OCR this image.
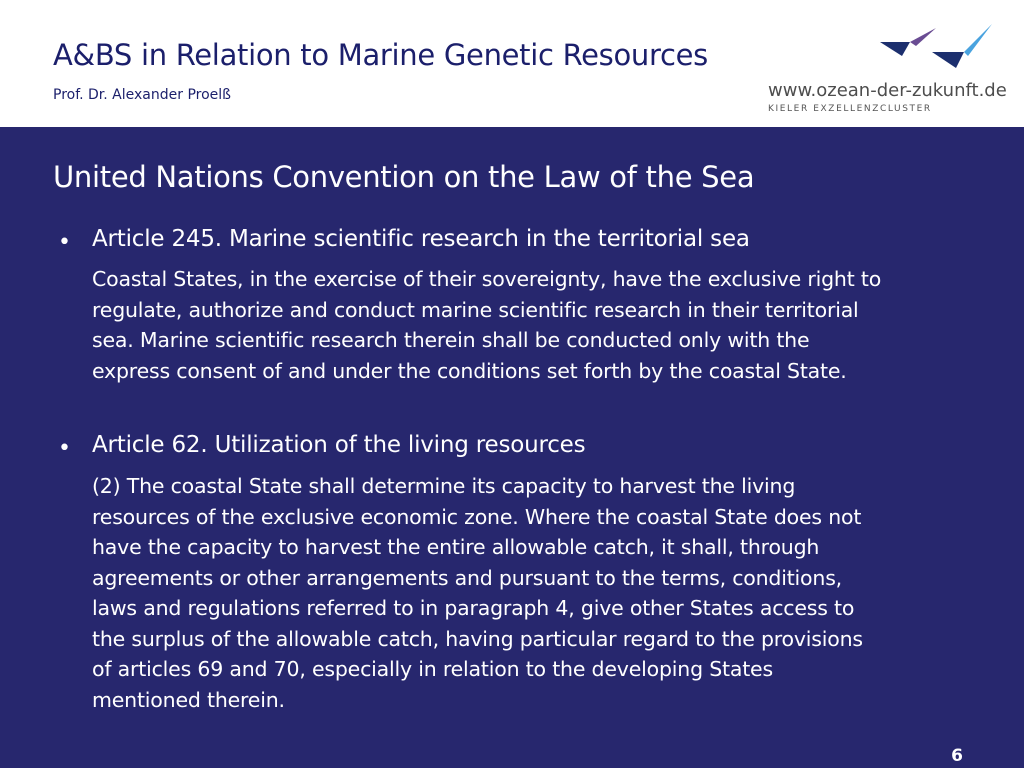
A&BS in Relation to Marine Genetic Resources

Prof. Dr. Alexander Proelß	www.ozean-der-zukunft.de
KIELER EXZELLENZCLUSTER
United Nations Convention on the Law of the Sea
• Article 245. Marine scientific research in the territorial sea

Coastal States, in the exercise of their sovereignty, have the exclusive right to
regulate, authorize and conduct marine scientific research in their territorial
sea. Marine scientific research therein shall be conducted only with the
express consent of and under the conditions set forth by the coastal State.

• Article 62. Utilization of the living resources

(2) The coastal State shall determine its capacity to harvest the living
resources of the exclusive economic zone. Where the coastal State does not
have the capacity to harvest the entire allowable catch, it shall, through
agreements or other arrangements and pursuant to the terms, conditions,
laws and regulations referred to in paragraph 4, give other States access to
the surplus of the allowable catch, having particular regard to the provisions
of articles 69 and 70, especially in relation to the developing States
mentioned therein.

6
